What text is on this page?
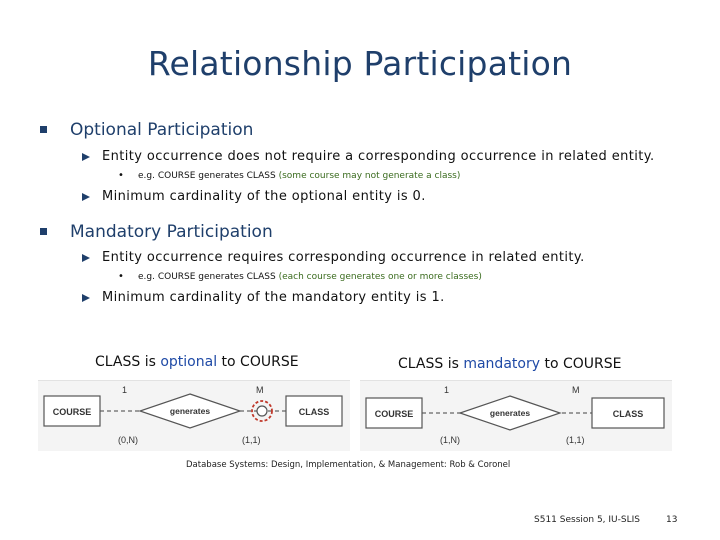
Relationship Participation
Optional Participation
Entity occurrence does not require a corresponding occurrence in related entity.
• e.g. COURSE generates CLASS (some course may not generate a class)
Minimum cardinality of the optional entity is 0.
Mandatory Participation
Entity occurrence requires corresponding occurrence in related entity.
• e.g. COURSE generates CLASS (each course generates one or more classes)
Minimum cardinality of the mandatory entity is 1.
CLASS is optional to COURSE	CLASS is mandatory to COURSE
COURSE	generates	CLASS
1	M
(0,N)	(1,1)
COURSE	generates	CLASS
1	M
(1,N)	(1,1)
Database Systems: Design, Implementation, & Management: Rob & Coronel
S511 Session 5, IU-SLIS	13
